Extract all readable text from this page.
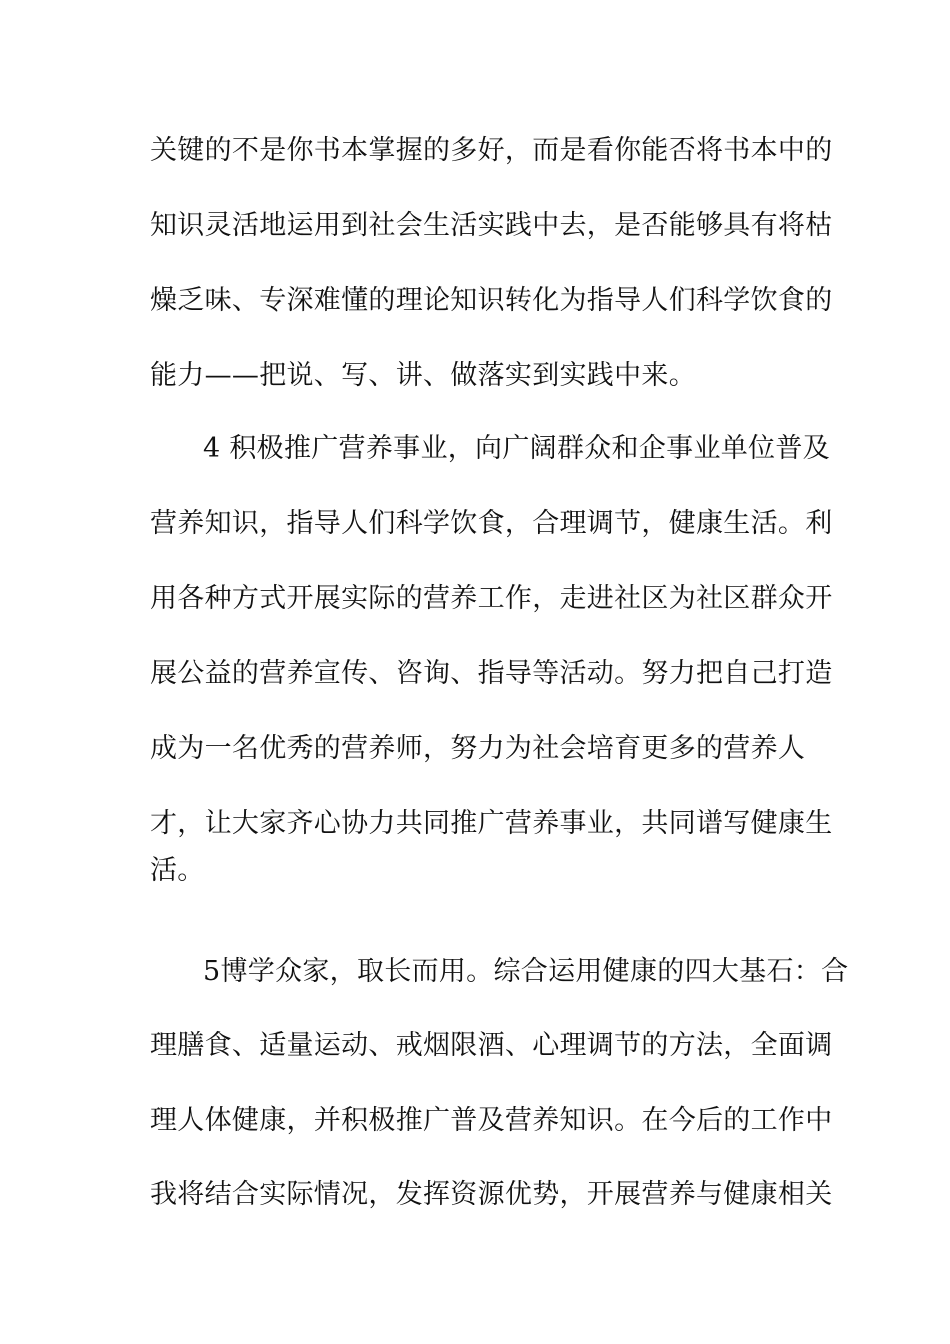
关键的不是你书本掌握的多好，而是看你能否将书本中的
知识灵活地运用到社会生活实践中去，是否能够具有将枯
燥乏味、专深难懂的理论知识转化为指导人们科学饮食的
能力——把说、写、讲、做落实到实践中来。
4 积极推广营养事业，向广阔群众和企事业单位普及
营养知识，指导人们科学饮食，合理调节，健康生活。利
用各种方式开展实际的营养工作，走进社区为社区群众开
展公益的营养宣传、咨询、指导等活动。努力把自己打造
成为一名优秀的营养师，努力为社会培育更多的营养人
才，让大家齐心协力共同推广营养事业，共同谱写健康生
活。
5博学众家，取长而用。综合运用健康的四大基石：合
理膳食、适量运动、戒烟限酒、心理调节的方法，全面调
理人体健康，并积极推广普及营养知识。在今后的工作中
我将结合实际情况，发挥资源优势，开展营养与健康相关
